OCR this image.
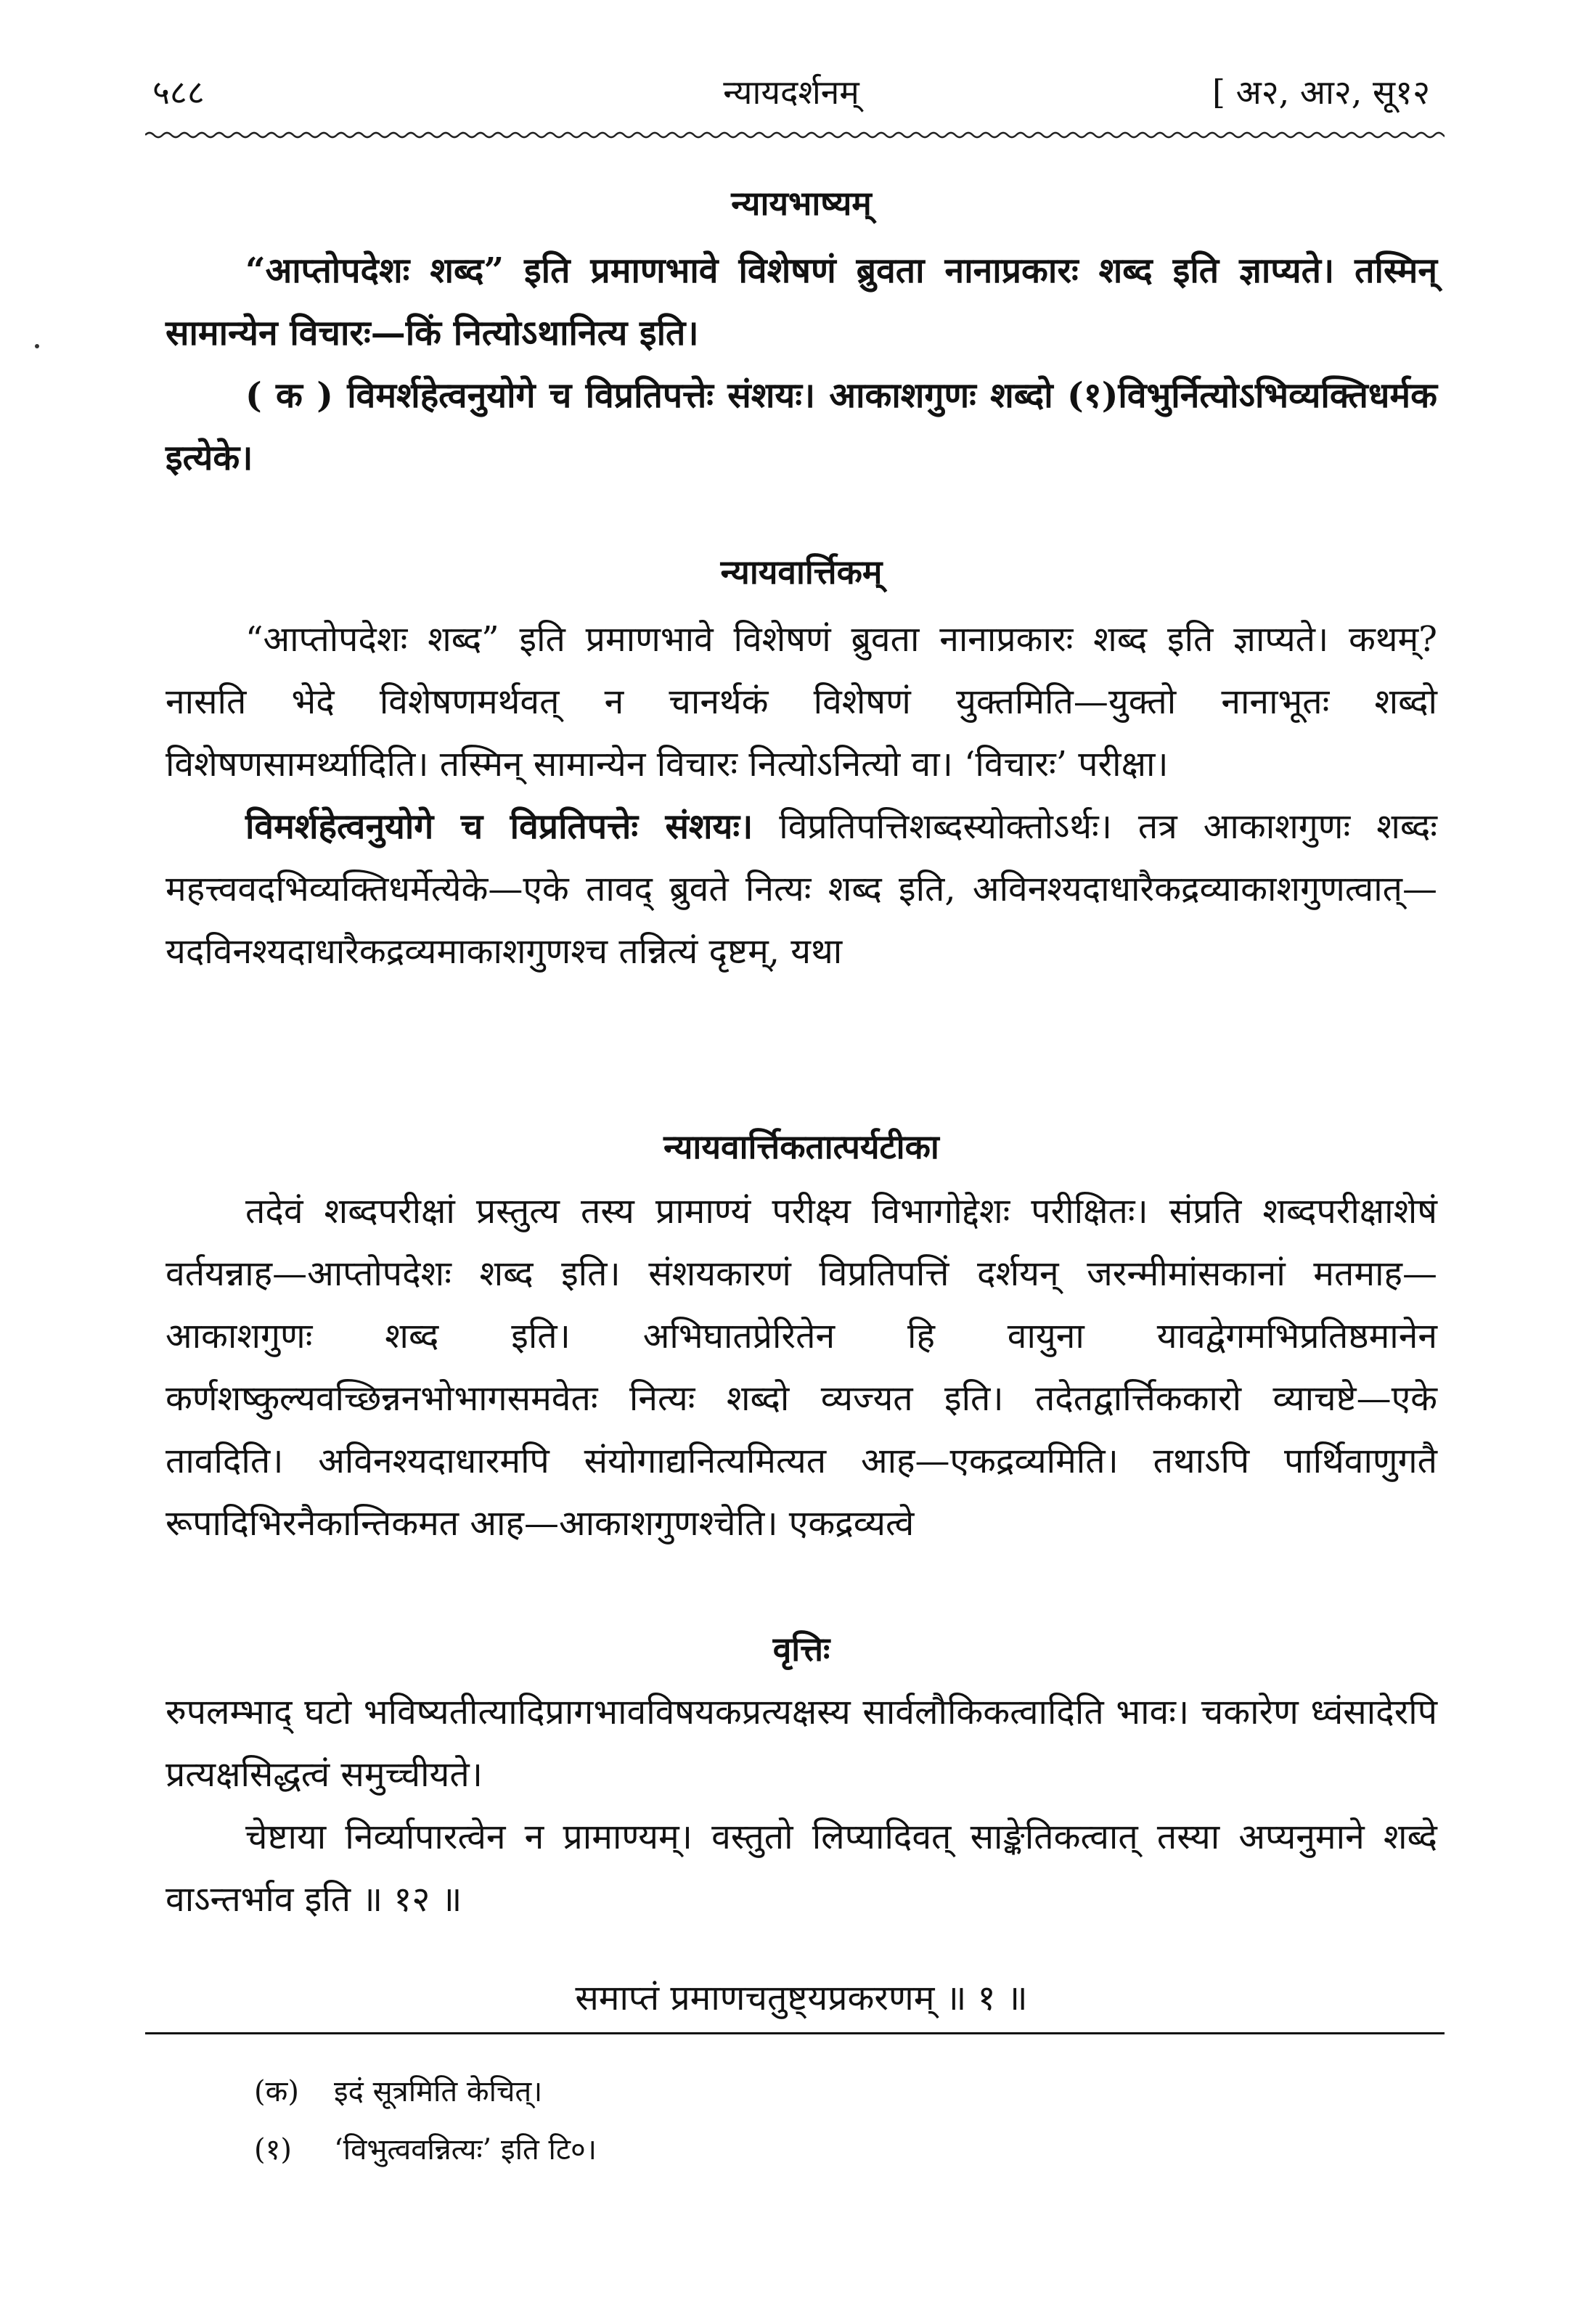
५८८	न्यायदर्शनम्	[ अ२, आ२, सू१२
न्यायभाष्यम्

“आप्तोपदेशः शब्द” इति प्रमाणभावे विशेषणं ब्रुवता नानाप्रकारः शब्द इति ज्ञाप्यते। तस्मिन् सामान्येन विचारः—किं नित्योऽथानित्य इति।

( क ) विमर्शहेत्वनुयोगे च विप्रतिपत्तेः संशयः। आकाशगुणः शब्दो (१)विभुर्नित्योऽभिव्यक्तिधर्मक इत्येके।

न्यायवार्त्तिकम्

“आप्तोपदेशः शब्द” इति प्रमाणभावे विशेषणं ब्रुवता नानाप्रकारः शब्द इति ज्ञाप्यते। कथम्? नासति भेदे विशेषणमर्थवत् न चानर्थकं विशेषणं युक्तमिति—युक्तो नानाभूतः शब्दो विशेषणसामर्थ्यादिति। तस्मिन् सामान्येन विचारः नित्योऽनित्यो वा। ‘विचारः’ परीक्षा।

विमर्शहेत्वनुयोगे च विप्रतिपत्तेः संशयः। विप्रतिपत्तिशब्दस्योक्तोऽर्थः। तत्र आकाशगुणः शब्दः महत्त्ववदभिव्यक्तिधर्मेत्येके—एके तावद् ब्रुवते नित्यः शब्द इति, अविनश्यदाधारैकद्रव्याकाशगुणत्वात्—यदविनश्यदाधारैकद्रव्यमाकाशगुणश्च तन्नित्यं दृष्टम्, यथा

न्यायवार्त्तिकतात्पर्यटीका

तदेवं शब्दपरीक्षां प्रस्तुत्य तस्य प्रामाण्यं परीक्ष्य विभागोद्देशः परीक्षितः। संप्रति शब्दपरीक्षाशेषं वर्तयन्नाह—आप्तोपदेशः शब्द इति। संशयकारणं विप्रतिपत्तिं दर्शयन् जरन्मीमांसकानां मतमाह—आकाशगुणः शब्द इति। अभिघातप्रेरितेन हि वायुना यावद्वेगमभिप्रतिष्ठमानेन कर्णशष्कुल्यवच्छिन्ननभोभागसमवेतः नित्यः शब्दो व्यज्यत इति। तदेतद्वार्त्तिककारो व्याचष्टे—एके तावदिति। अविनश्यदाधारमपि संयोगाद्यनित्यमित्यत आह—एकद्रव्यमिति। तथाऽपि पार्थिवाणुगतै रूपादिभिरनैकान्तिकमत आह—आकाशगुणश्चेति। एकद्रव्यत्वे

वृत्तिः

रुपलम्भाद् घटो भविष्यतीत्यादिप्रागभावविषयकप्रत्यक्षस्य सार्वलौकिकत्वादिति भावः। चकारेण ध्वंसादेरपि प्रत्यक्षसिद्धत्वं समुच्चीयते।

चेष्टाया निर्व्यापारत्वेन न प्रामाण्यम्। वस्तुतो लिप्यादिवत् साङ्केतिकत्वात् तस्या अप्यनुमाने शब्दे वाऽन्तर्भाव इति ॥ १२ ॥

समाप्तं प्रमाणचतुष्ट्यप्रकरणम् ॥ १ ॥
(क) इदं सूत्रमिति केचित्।
(१) ‘विभुत्ववन्नित्यः’ इति टि०।
